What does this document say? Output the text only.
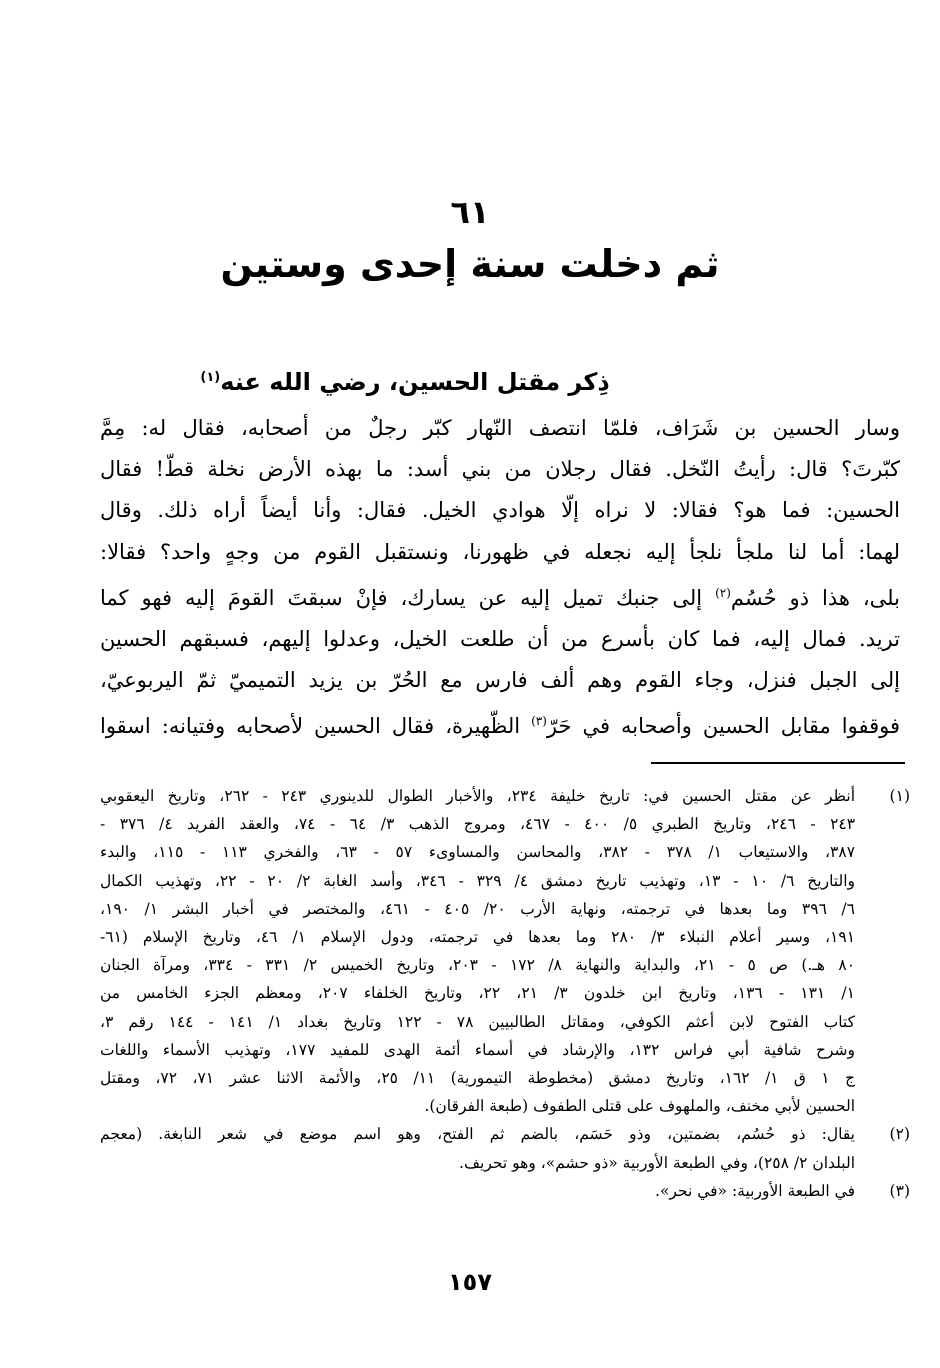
٦١
ثم دخلت سنة إحدى وستين
ذِكر مقتل الحسين، رضي الله عنه$^{(١)}$
وسار الحسين بن شَرَاف، فلمّا انتصف النّهار كبّر رجلٌ من أصحابه، فقال له: مِمَّ
كبّرتَ؟ قال: رأيتُ النّخل. فقال رجلان من بني أسد: ما بهذه الأرض نخلة قطّ! فقال
الحسين: فما هو؟ فقالا: لا نراه إلّا هوادي الخيل. فقال: وأنا أيضاً أراه ذلك. وقال
لهما: أما لنا ملجأ نلجأ إليه نجعله في ظهورنا، ونستقبل القوم من وجهٍ واحد؟ فقالا:
بلى، هذا ذو حُسُم$^{(٢)}$ إلى جنبك تميل إليه عن يسارك، فإنْ سبقتَ القومَ إليه فهو كما
تريد. فمال إليه، فما كان بأسرع من أن طلعت الخيل، وعدلوا إليهم، فسبقهم الحسين
إلى الجبل فنزل، وجاء القوم وهم ألف فارس مع الحُرّ بن يزيد التميميّ ثمّ اليربوعيّ،
فوقفوا مقابل الحسين وأصحابه في حَرّ$^{(٣)}$ الظّهيرة، فقال الحسين لأصحابه وفتيانه: اسقوا
(١)
أنظر عن مقتل الحسين في: تاريخ خليفة ٢٣٤، والأخبار الطوال للدينوري ٢٤٣ - ٢٦٢، وتاريخ اليعقوبي
٢٤٣ - ٢٤٦، وتاريخ الطبري ٥/ ٤٠٠ - ٤٦٧، ومروج الذهب ٣/ ٦٤ - ٧٤، والعقد الفريد ٤/ ٣٧٦ -
٣٨٧، والاستيعاب ١/ ٣٧٨ - ٣٨٢، والمحاسن والمساوىء ٥٧ - ٦٣، والفخري ١١٣ - ١١٥، والبدء
والتاريخ ٦/ ١٠ - ١٣، وتهذيب تاريخ دمشق ٤/ ٣٢٩ - ٣٤٦، وأسد الغابة ٢/ ٢٠ - ٢٢، وتهذيب الكمال
٦/ ٣٩٦ وما بعدها في ترجمته، ونهاية الأرب ٢٠/ ٤٠٥ - ٤٦١، والمختصر في أخبار البشر ١/ ١٩٠،
١٩١، وسير أعلام النبلاء ٣/ ٢٨٠ وما بعدها في ترجمته، ودول الإسلام ١/ ٤٦، وتاريخ الإسلام (٦١-
٨٠ هـ.) ص ٥ - ٢١، والبداية والنهاية ٨/ ١٧٢ - ٢٠٣، وتاريخ الخميس ٢/ ٣٣١ - ٣٣٤، ومرآة الجنان
١/ ١٣١ - ١٣٦، وتاريخ ابن خلدون ٣/ ٢١، ٢٢، وتاريخ الخلفاء ٢٠٧، ومعظم الجزء الخامس من
كتاب الفتوح لابن أعثم الكوفي، ومقاتل الطالبيين ٧٨ - ١٢٢ وتاريخ بغداد ١/ ١٤١ - ١٤٤ رقم ٣،
وشرح شافية أبي فراس ١٣٢، والإرشاد في أسماء أئمة الهدى للمفيد ١٧٧، وتهذيب الأسماء واللغات
ج ١ ق ١/ ١٦٢، وتاريخ دمشق (مخطوطة التيمورية) ١١/ ٢٥، والأئمة الاثنا عشر ٧١، ٧٢، ومقتل
الحسين لأبي مخنف، والملهوف على قتلى الطفوف (طبعة الفرقان).
(٢)
يقال: ذو حُسُم، بضمتين، وذو حَسَم، بالضم ثم الفتح، وهو اسم موضع في شعر النابغة. (معجم
البلدان ٢/ ٢٥٨)، وفي الطبعة الأوربية «ذو حشم»، وهو تحريف.
(٣)
في الطبعة الأوربية: «في نحر».
١٥٧
